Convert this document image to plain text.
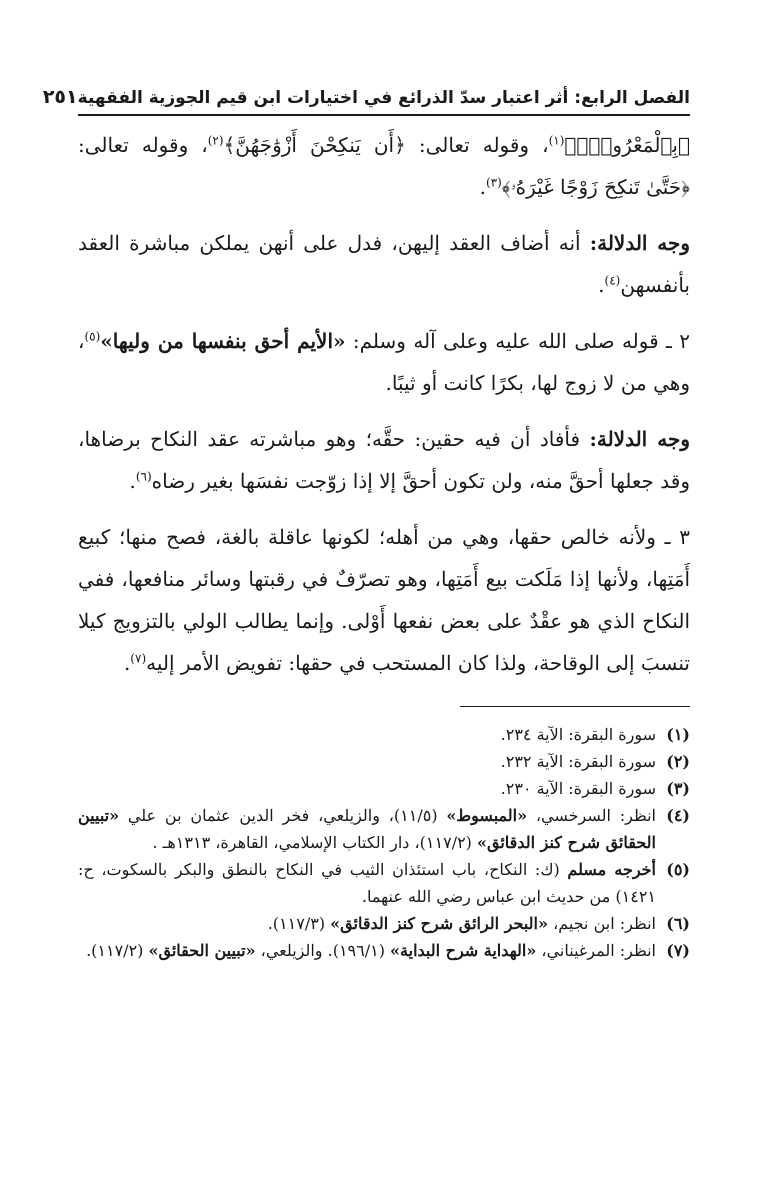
الفصل الرابع: أثر اعتبار سدّ الذرائع في اختيارات ابن قيم الجوزية الفقهية
٢٥١

﴿بِٱلْمَعْرُوفِۗ﴾$^{(١)}$، وقوله تعالى: ﴿أَن يَنكِحْنَ أَزْوَٰجَهُنَّ﴾$^{(٢)}$، وقوله تعالى: ﴿حَتَّىٰ تَنكِحَ زَوْجًا غَيْرَهُۥ﴾$^{(٣)}$.

وجه الدلالة: أنه أضاف العقد إليهن، فدل على أنهن يملكن مباشرة العقد بأنفسهن$^{(٤)}$.

٢ ـ قوله صلى الله عليه وعلى آله وسلم: «الأيم أحق بنفسها من وليها»$^{(٥)}$، وهي من لا زوج لها، بكرًا كانت أو ثيبًا.

وجه الدلالة: فأفاد أن فيه حقين: حقَّه؛ وهو مباشرته عقد النكاح برضاها، وقد جعلها أحقَّ منه، ولن تكون أحقَّ إلا إذا زوّجت نفسَها بغير رضاه$^{(٦)}$.

٣ ـ ولأنه خالص حقها، وهي من أهله؛ لكونها عاقلة بالغة، فصح منها؛ كبيع أَمَتِها، ولأنها إذا مَلَكت بيع أَمَتِها، وهو تصرّفٌ في رقبتها وسائر منافعها، ففي النكاح الذي هو عقْدٌ على بعض نفعها أَوْلى. وإنما يطالب الولي بالتزويج كيلا تنسبَ إلى الوقاحة، ولذا كان المستحب في حقها: تفويض الأمر إليه$^{(٧)}$.

(١)
سورة البقرة: الآية ٢٣٤.
(٢)
سورة البقرة: الآية ٢٣٢.
(٣)
سورة البقرة: الآية ٢٣٠.
(٤)
انظر: السرخسي، «المبسوط» (١١/٥)، والزيلعي، فخر الدين عثمان بن علي «تبيين الحقائق شرح كنز الدقائق» (١١٧/٢)، دار الكتاب الإسلامي، القاهرة، ١٣١٣هـ .
(٥)
أخرجه مسلم (ك: النكاح، باب استئذان الثيب في النكاح بالنطق والبكر بالسكوت، ح: ١٤٢١) من حديث ابن عباس رضي الله عنهما.
(٦)
انظر: ابن نجيم، «البحر الرائق شرح كنز الدقائق» (١١٧/٣).
(٧)
انظر: المرغيناني، «الهداية شرح البداية» (١٩٦/١). والزيلعي، «تبيين الحقائق» (١١٧/٢).
